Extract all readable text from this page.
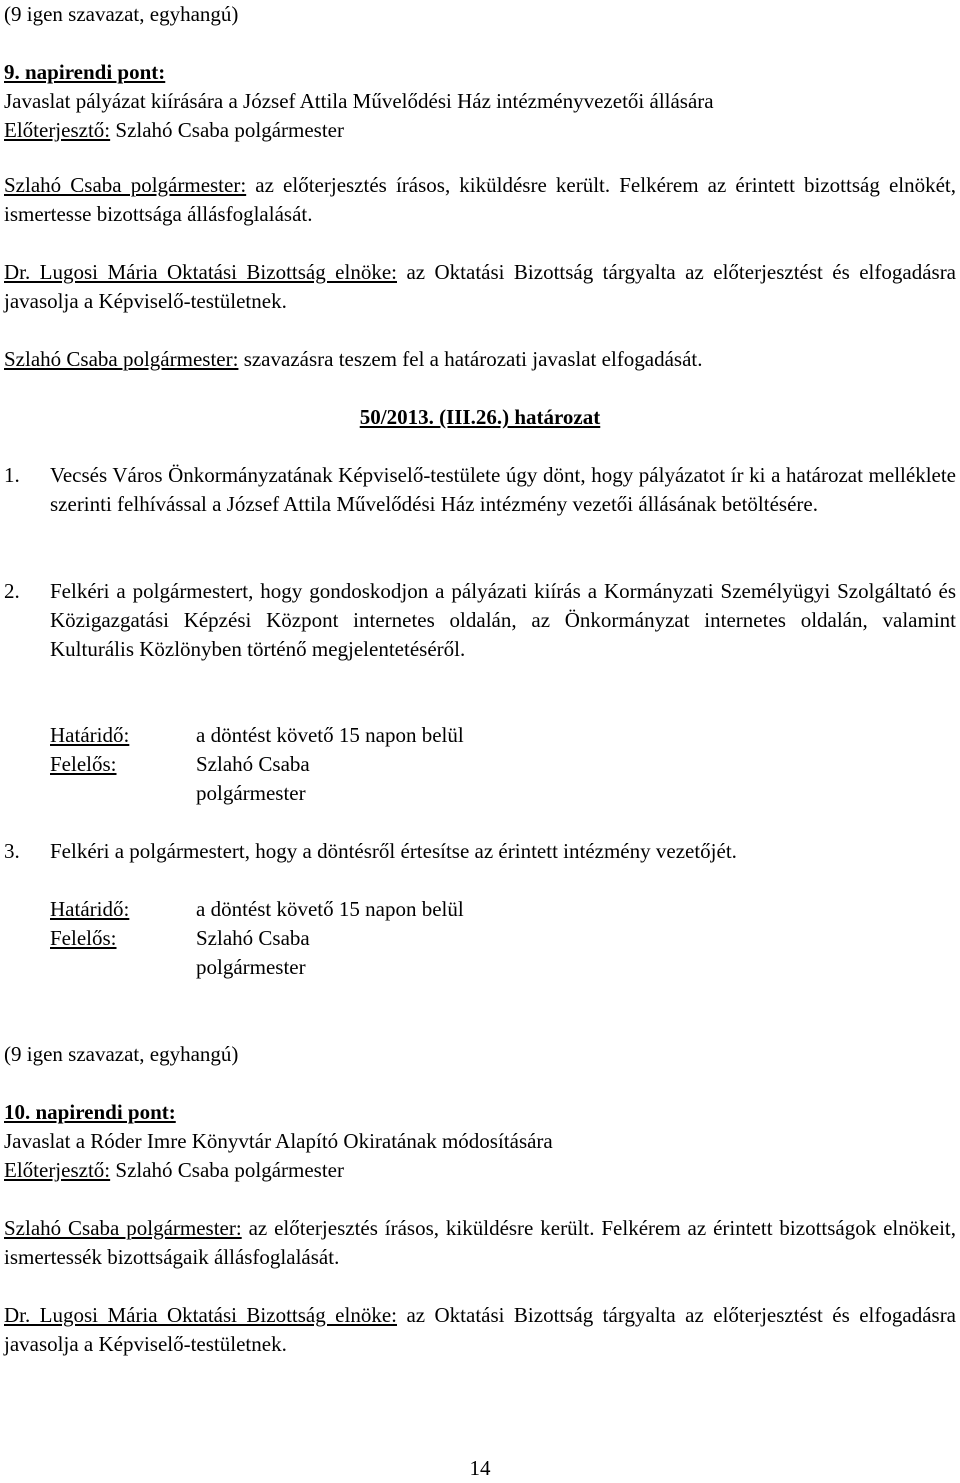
(9 igen szavazat, egyhangú)
9. napirendi pont:
Javaslat pályázat kiírására a József Attila Művelődési Ház intézményvezetői állására
Előterjesztő: Szlahó Csaba polgármester

Szlahó Csaba polgármester: az előterjesztés írásos, kiküldésre került. Felkérem az érintett bizottság elnökét, ismertesse bizottsága állásfoglalását.

Dr. Lugosi Mária Oktatási Bizottság elnöke: az Oktatási Bizottság tárgyalta az előterjesztést és elfogadásra javasolja a Képviselő-testületnek.

Szlahó Csaba polgármester: szavazásra teszem fel a határozati javaslat elfogadását.

50/2013. (III.26.) határozat
1. Vecsés Város Önkormányzatának Képviselő-testülete úgy dönt, hogy pályázatot ír ki a határozat melléklete szerinti felhívással a József Attila Művelődési Ház intézmény vezetői állásának betöltésére.
2. Felkéri a polgármestert, hogy gondoskodjon a pályázati kiírás a Kormányzati Személyügyi Szolgáltató és Közigazgatási Képzési Központ internetes oldalán, az Önkormányzat internetes oldalán, valamint Kulturális Közlönyben történő megjelentetéséről.
Határidő:	a döntést követő 15 napon belül
Felelős:	Szlahó Csaba
polgármester
3. Felkéri a polgármestert, hogy a döntésről értesítse az érintett intézmény vezetőjét.
Határidő:	a döntést követő 15 napon belül
Felelős:	Szlahó Csaba
polgármester
(9 igen szavazat, egyhangú)
10. napirendi pont:
Javaslat a Róder Imre Könyvtár Alapító Okiratának módosítására
Előterjesztő: Szlahó Csaba polgármester

Szlahó Csaba polgármester: az előterjesztés írásos, kiküldésre került. Felkérem az érintett bizottságok elnökeit, ismertessék bizottságaik állásfoglalását.

Dr. Lugosi Mária Oktatási Bizottság elnöke: az Oktatási Bizottság tárgyalta az előterjesztést és elfogadásra javasolja a Képviselő-testületnek.

14
